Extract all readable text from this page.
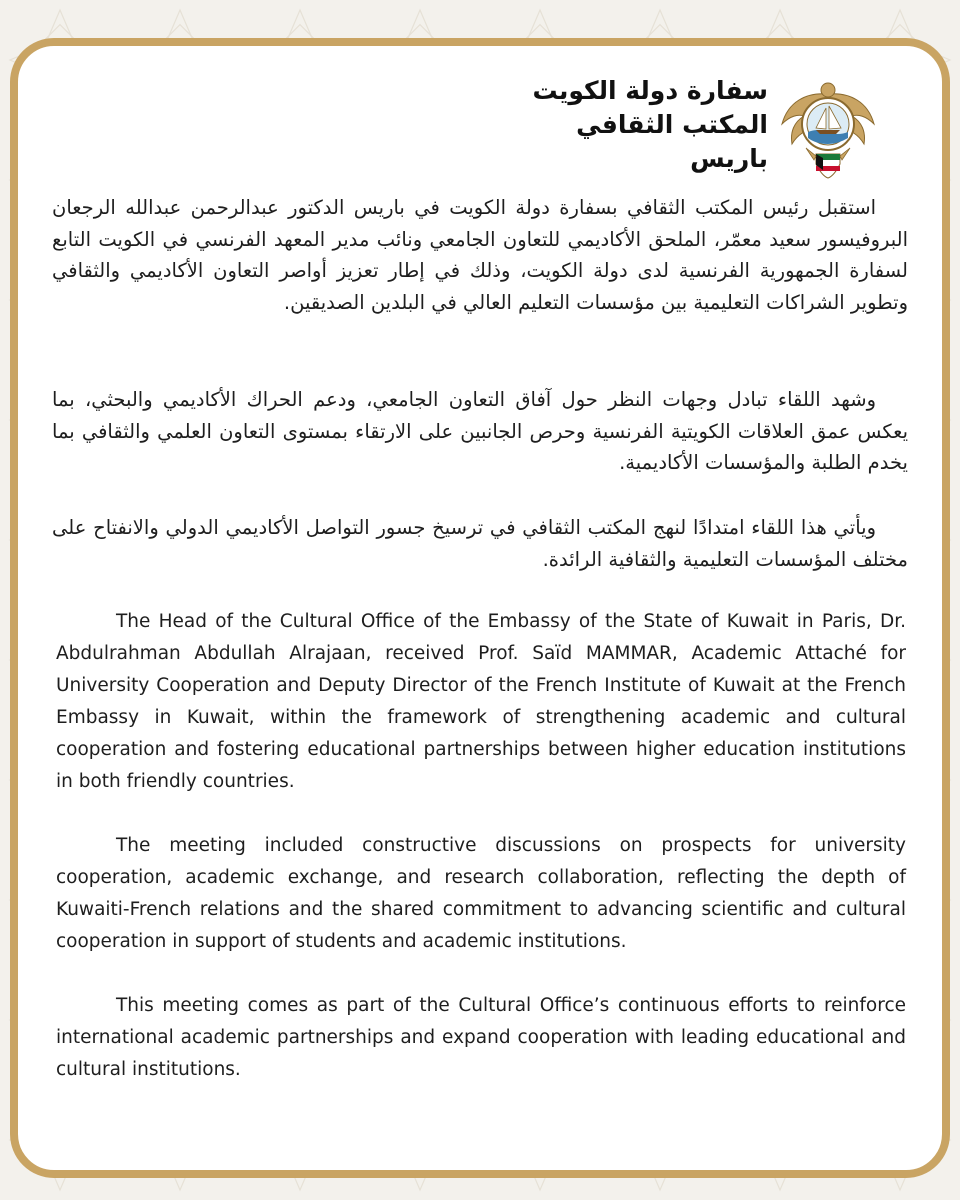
سفارة دولة الكويت
المكتب الثقافي
باريس

استقبل رئيس المكتب الثقافي بسفارة دولة الكويت في باريس الدكتور عبدالرحمن عبدالله الرجعان البروفيسور سعيد معمّر، الملحق الأكاديمي للتعاون الجامعي ونائب مدير المعهد الفرنسي في الكويت التابع لسفارة الجمهورية الفرنسية لدى دولة الكويت، وذلك في إطار تعزيز أواصر التعاون الأكاديمي والثقافي وتطوير الشراكات التعليمية بين مؤسسات التعليم العالي في البلدين الصديقين.

وشهد اللقاء تبادل وجهات النظر حول آفاق التعاون الجامعي، ودعم الحراك الأكاديمي والبحثي، بما يعكس عمق العلاقات الكويتية الفرنسية وحرص الجانبين على الارتقاء بمستوى التعاون العلمي والثقافي بما يخدم الطلبة والمؤسسات الأكاديمية.

ويأتي هذا اللقاء امتدادًا لنهج المكتب الثقافي في ترسيخ جسور التواصل الأكاديمي الدولي والانفتاح على مختلف المؤسسات التعليمية والثقافية الرائدة.

The Head of the Cultural Office of the Embassy of the State of Kuwait in Paris, Dr. Abdulrahman Abdullah Alrajaan, received Prof. Saïd MAMMAR, Academic Attaché for University Cooperation and Deputy Director of the French Institute of Kuwait at the French Embassy in Kuwait, within the framework of strengthening academic and cultural cooperation and fostering educational partnerships between higher education institutions in both friendly countries.

The meeting included constructive discussions on prospects for university cooperation, academic exchange, and research collaboration, reflecting the depth of Kuwaiti-French relations and the shared commitment to advancing scientific and cultural cooperation in support of students and academic institutions.

This meeting comes as part of the Cultural Office’s continuous efforts to reinforce international academic partnerships and expand cooperation with leading educational and cultural institutions.
